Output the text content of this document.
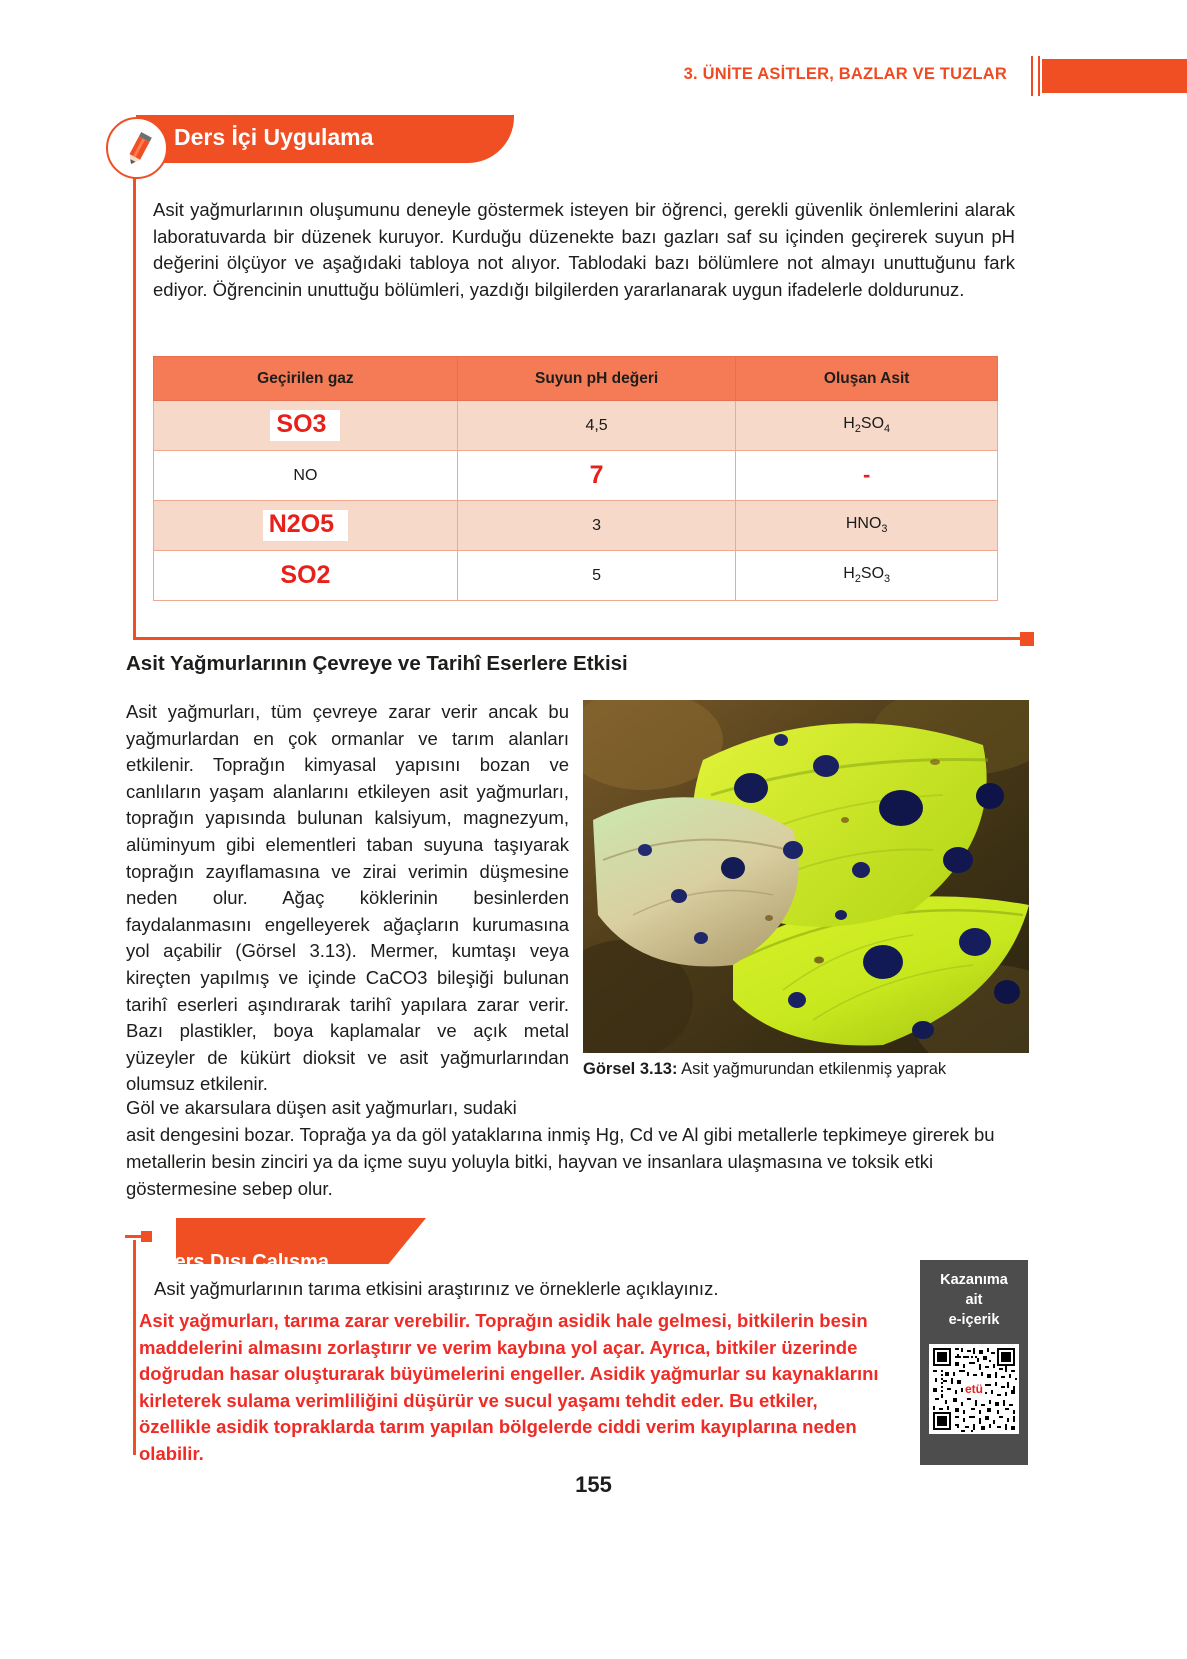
3. ÜNİTE ASİTLER, BAZLAR VE TUZLAR
Ders İçi Uygulama
Asit yağmurlarının oluşumunu deneyle göstermek isteyen bir öğrenci, gerekli güvenlik önlemlerini alarak laboratuvarda bir düzenek kuruyor. Kurduğu düzenekte bazı gazları saf su içinden geçirerek suyun pH değerini ölçüyor ve aşağıdaki tabloya not alıyor. Tablodaki bazı bölümlere not almayı unuttuğunu fark ediyor. Öğrencinin unuttuğu bölümleri, yazdığı bilgilerden yararlanarak uygun ifadelerle doldurunuz.
Geçirilen gaz	Suyun pH değeri	Oluşan Asit
SO3	4,5	$H_2SO_4$
NO	7	-
N2O5	3	$HNO_3$
SO2	5	$H_2SO_3$
Asit Yağmurlarının Çevreye ve Tarihî Eserlere Etkisi
Asit yağmurları, tüm çevreye zarar verir ancak bu yağmurlardan en çok ormanlar ve tarım alanları etkilenir. Toprağın kimyasal yapısını bozan ve canlıların yaşam alanlarını etkileyen asit yağmurları, toprağın yapısında bulunan kalsiyum, magnezyum, alüminyum gibi elementleri taban suyuna taşıyarak toprağın zayıflamasına ve zirai verimin düşmesine neden olur. Ağaç köklerinin besinlerden faydalanmasını engelleyerek ağaçların kurumasına yol açabilir (Görsel 3.13). Mermer, kumtaşı veya kireçten yapılmış ve içinde CaCO3 bileşiği bulunan tarihî eserleri aşındırarak tarihî yapılara zarar verir. Bazı plastikler, boya kaplamalar ve açık metal yüzeyler de kükürt dioksit ve asit yağmurlarından olumsuz etkilenir.
Görsel 3.13: Asit yağmurundan etkilenmiş yaprak
Göl ve akarsulara düşen asit yağmurları, sudaki
asit dengesini bozar. Toprağa ya da göl yataklarına inmiş Hg, Cd ve Al gibi metallerle tepkimeye girerek bu metallerin besin zinciri ya da içme suyu yoluyla bitki, hayvan ve insanlara ulaşmasına ve toksik etki göstermesine sebep olur.
Ders Dışı Çalışma
Asit yağmurlarının tarıma etkisini araştırınız ve örneklerle açıklayınız.
Asit yağmurları, tarıma zarar verebilir. Toprağın asidik hale gelmesi, bitkilerin besin maddelerini almasını zorlaştırır ve verim kaybına yol açar. Ayrıca, bitkiler üzerinde doğrudan hasar oluşturarak büyümelerini engeller. Asidik yağmurlar su kaynaklarını kirleterek sulama verimliliğini düşürür ve sucul yaşamı tehdit eder. Bu etkiler, özellikle asidik topraklarda tarım yapılan bölgelerde ciddi verim kayıplarına neden olabilir.
Kazanıma
ait
e-içerik
etü
155
